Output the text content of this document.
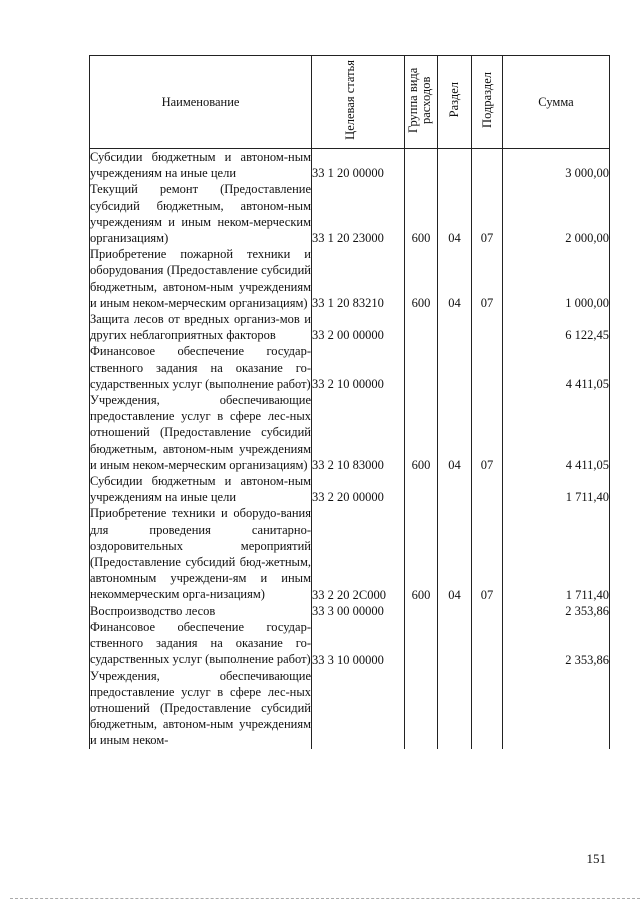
Наименование	Целевая статья	Группа вида расходов	Раздел	Подраздел	Сумма
Субсидии бюджетным и автоном-ным учреждениям на иные цели	33 1 20 00000				3 000,00
Текущий ремонт (Предоставление субсидий бюджетным, автоном-ным учреждениям и иным неком-мерческим организациям)	33 1 20 23000	600	04	07	2 000,00
Приобретение пожарной техники и оборудования (Предоставление субсидий бюджетным, автоном-ным учреждениям и иным неком-мерческим организациям)	33 1 20 83210	600	04	07	1 000,00
Защита лесов от вредных организ-мов и других неблагоприятных факторов	33 2 00 00000				6 122,45
Финансовое обеспечение государ-ственного задания на оказание го-сударственных услуг (выполнение работ)	33 2 10 00000				4 411,05
Учреждения, обеспечивающие предоставление услуг в сфере лес-ных отношений (Предоставление субсидий бюджетным, автоном-ным учреждениям и иным неком-мерческим организациям)	33 2 10 83000	600	04	07	4 411,05
Субсидии бюджетным и автоном-ным учреждениям на иные цели	33 2 20 00000				1 711,40
Приобретение техники и оборудо-вания для проведения санитарно-оздоровительных мероприятий (Предоставление субсидий бюд-жетным, автономным учреждени-ям и иным некоммерческим орга-низациям)	33 2 20 2С000	600	04	07	1 711,40
Воспроизводство лесов	33 3 00 00000				2 353,86
Финансовое обеспечение государ-ственного задания на оказание го-сударственных услуг (выполнение работ)	33 3 10 00000				2 353,86
Учреждения, обеспечивающие предоставление услуг в сфере лес-ных отношений (Предоставление субсидий бюджетным, автоном-ным учреждениям и иным неком-					
151
